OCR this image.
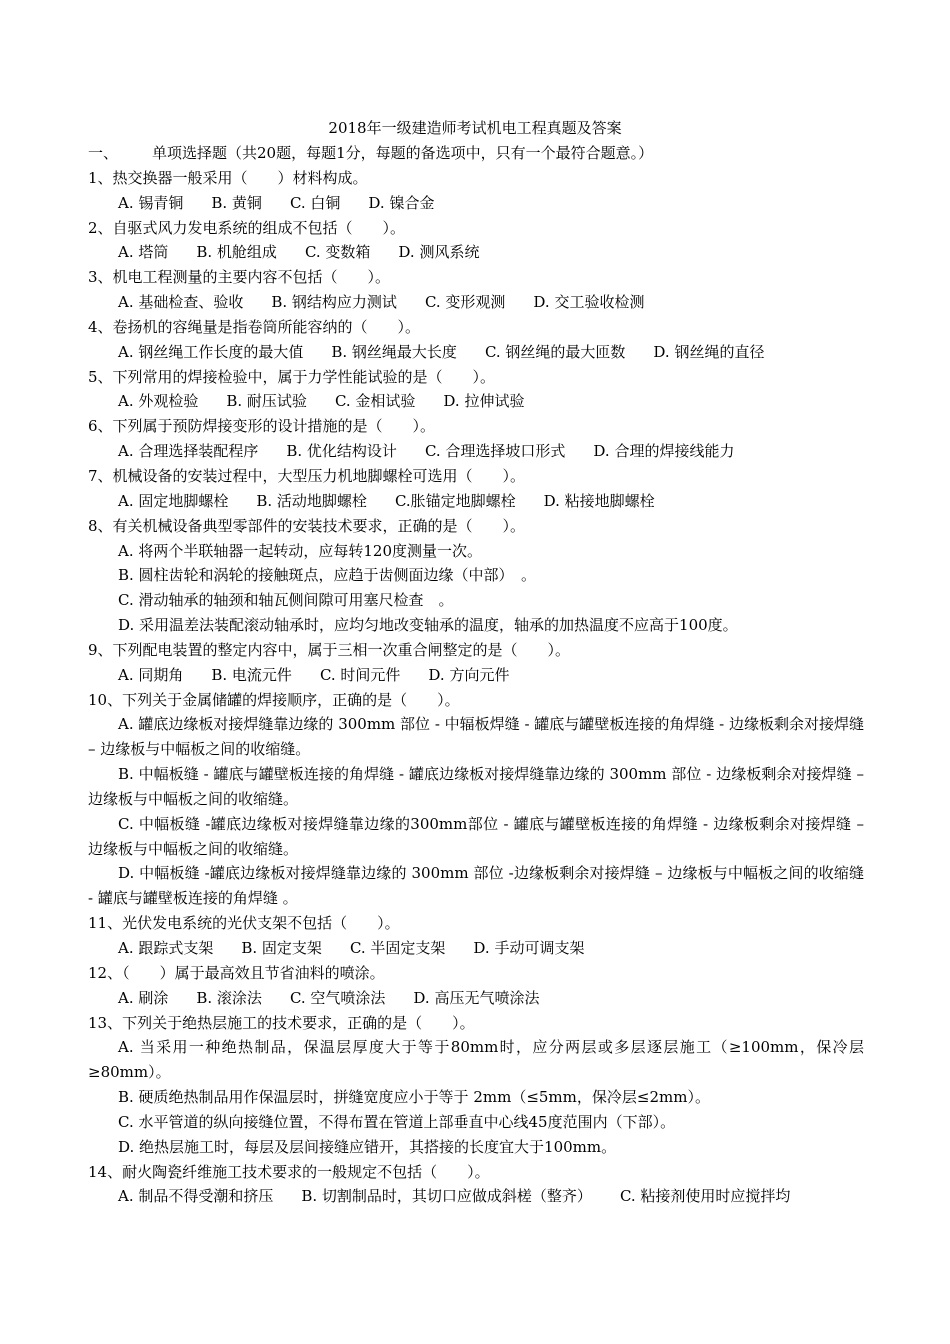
2018年一级建造师考试机电工程真题及答案
一、 单项选择题（共20题，每题1分，每题的备选项中，只有一个最符合题意。）
1、热交换器一般采用（　　）材料构成。
A. 锡青铜 B. 黄铜 C. 白铜 D. 镍合金
2、自驱式风力发电系统的组成不包括（　　）。
A. 塔筒 B. 机舱组成 C. 变数箱 D. 测风系统
3、机电工程测量的主要内容不包括（　　）。
A. 基础检查、验收 B. 钢结构应力测试 C. 变形观测 D. 交工验收检测
4、卷扬机的容绳量是指卷筒所能容纳的（　　）。
A. 钢丝绳工作长度的最大值 B. 钢丝绳最大长度 C. 钢丝绳的最大匝数 D. 钢丝绳的直径
5、下列常用的焊接检验中，属于力学性能试验的是（　　）。
A. 外观检验 B. 耐压试验 C. 金相试验 D. 拉伸试验
6、下列属于预防焊接变形的设计措施的是（　　）。
A. 合理选择装配程序 B. 优化结构设计 C. 合理选择坡口形式 D. 合理的焊接线能力
7、机械设备的安装过程中，大型压力机地脚螺栓可选用（　　）。
A. 固定地脚螺栓 B. 活动地脚螺栓 C.胀锚定地脚螺栓 D. 粘接地脚螺栓
8、有关机械设备典型零部件的安装技术要求，正确的是（　　）。
A. 将两个半联轴器一起转动，应每转120度测量一次。
B. 圆柱齿轮和涡轮的接触斑点，应趋于齿侧面边缘（中部）　。
C. 滑动轴承的轴颈和轴瓦侧间隙可用塞尺检查　。
D. 采用温差法装配滚动轴承时，应均匀地改变轴承的温度，轴承的加热温度不应高于100度。
9、下列配电装置的整定内容中，属于三相一次重合闸整定的是（　　）。
A. 同期角 B. 电流元件 C. 时间元件 D. 方向元件
10、下列关于金属储罐的焊接顺序，正确的是（　　）。
A. 罐底边缘板对接焊缝靠边缘的 300mm 部位 - 中辐板焊缝 - 罐底与罐壁板连接的角焊缝 - 边缘板剩余对接焊缝 – 边缘板与中幅板之间的收缩缝。
B. 中幅板缝 - 罐底与罐壁板连接的角焊缝 - 罐底边缘板对接焊缝靠边缘的 300mm 部位 - 边缘板剩余对接焊缝 – 边缘板与中幅板之间的收缩缝。
C. 中幅板缝 -罐底边缘板对接焊缝靠边缘的300mm部位 - 罐底与罐壁板连接的角焊缝 - 边缘板剩余对接焊缝 – 边缘板与中幅板之间的收缩缝。
D. 中幅板缝 -罐底边缘板对接焊缝靠边缘的 300mm 部位 -边缘板剩余对接焊缝 – 边缘板与中幅板之间的收缩缝 - 罐底与罐壁板连接的角焊缝 。
11、光伏发电系统的光伏支架不包括（　　）。
A. 跟踪式支架 B. 固定支架 C. 半固定支架 D. 手动可调支架
12、（　　）属于最高效且节省油料的喷涂。
A. 刷涂 B. 滚涂法 C. 空气喷涂法 D. 高压无气喷涂法
13、下列关于绝热层施工的技术要求，正确的是（　　）。
A. 当采用一种绝热制品，保温层厚度大于等于80mm时，应分两层或多层逐层施工（≥100mm，保冷层≥80mm）。
B. 硬质绝热制品用作保温层时，拼缝宽度应小于等于 2mm（≤5mm，保冷层≤2mm）。
C. 水平管道的纵向接缝位置，不得布置在管道上部垂直中心线45度范围内（下部）。
D. 绝热层施工时，每层及层间接缝应错开，其搭接的长度宜大于100mm。
14、耐火陶瓷纤维施工技术要求的一般规定不包括（　　）。
A. 制品不得受潮和挤压 B. 切割制品时，其切口应做成斜槎（整齐） C. 粘接剂使用时应搅拌均
